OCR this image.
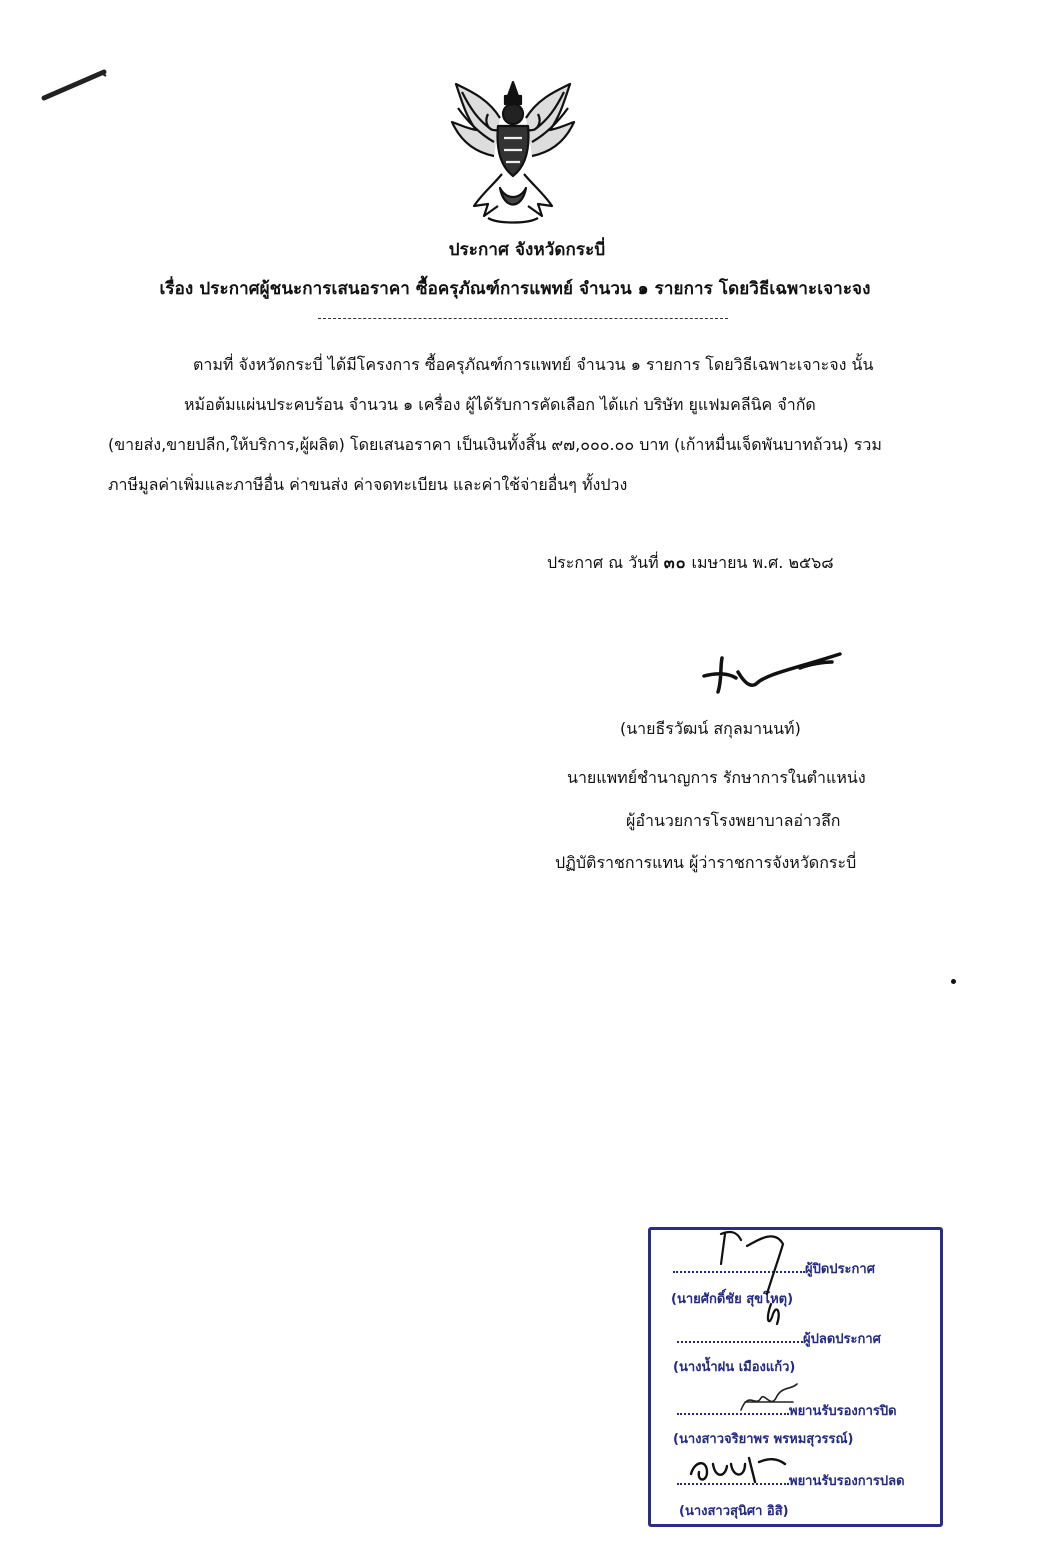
ประกาศ จังหวัดกระบี่
เรื่อง ประกาศผู้ชนะการเสนอราคา ซื้อครุภัณฑ์การแพทย์ จำนวน ๑ รายการ โดยวิธีเฉพาะเจาะจง
ตามที่ จังหวัดกระบี่ ได้มีโครงการ ซื้อครุภัณฑ์การแพทย์ จำนวน ๑ รายการ โดยวิธีเฉพาะเจาะจง นั้น
หม้อต้มแผ่นประคบร้อน จำนวน ๑ เครื่อง ผู้ได้รับการคัดเลือก ได้แก่ บริษัท ยูแฟมคลีนิค จำกัด
(ขายส่ง,ขายปลีก,ให้บริการ,ผู้ผลิต) โดยเสนอราคา เป็นเงินทั้งสิ้น ๙๗,๐๐๐.๐๐ บาท (เก้าหมื่นเจ็ดพันบาทถ้วน) รวม
ภาษีมูลค่าเพิ่มและภาษีอื่น ค่าขนส่ง ค่าจดทะเบียน และค่าใช้จ่ายอื่นๆ ทั้งปวง
ประกาศ ณ วันที่ ๓๐ เมษายน พ.ศ. ๒๕๖๘
(นายธีรวัฒน์ สกุลมานนท์)
นายแพทย์ชำนาญการ รักษาการในตำแหน่ง
ผู้อำนวยการโรงพยาบาลอ่าวลึก
ปฏิบัติราชการแทน ผู้ว่าราชการจังหวัดกระบี่
ผู้ปิดประกาศ
(นายศักดิ์ชัย สุขโหตุ)
ผู้ปลดประกาศ
(นางน้ำฝน เมืองแก้ว)
พยานรับรองการปิด
(นางสาวจริยาพร พรหมสุวรรณ์)
พยานรับรองการปลด
(นางสาวสุนิศา อิสิ)
